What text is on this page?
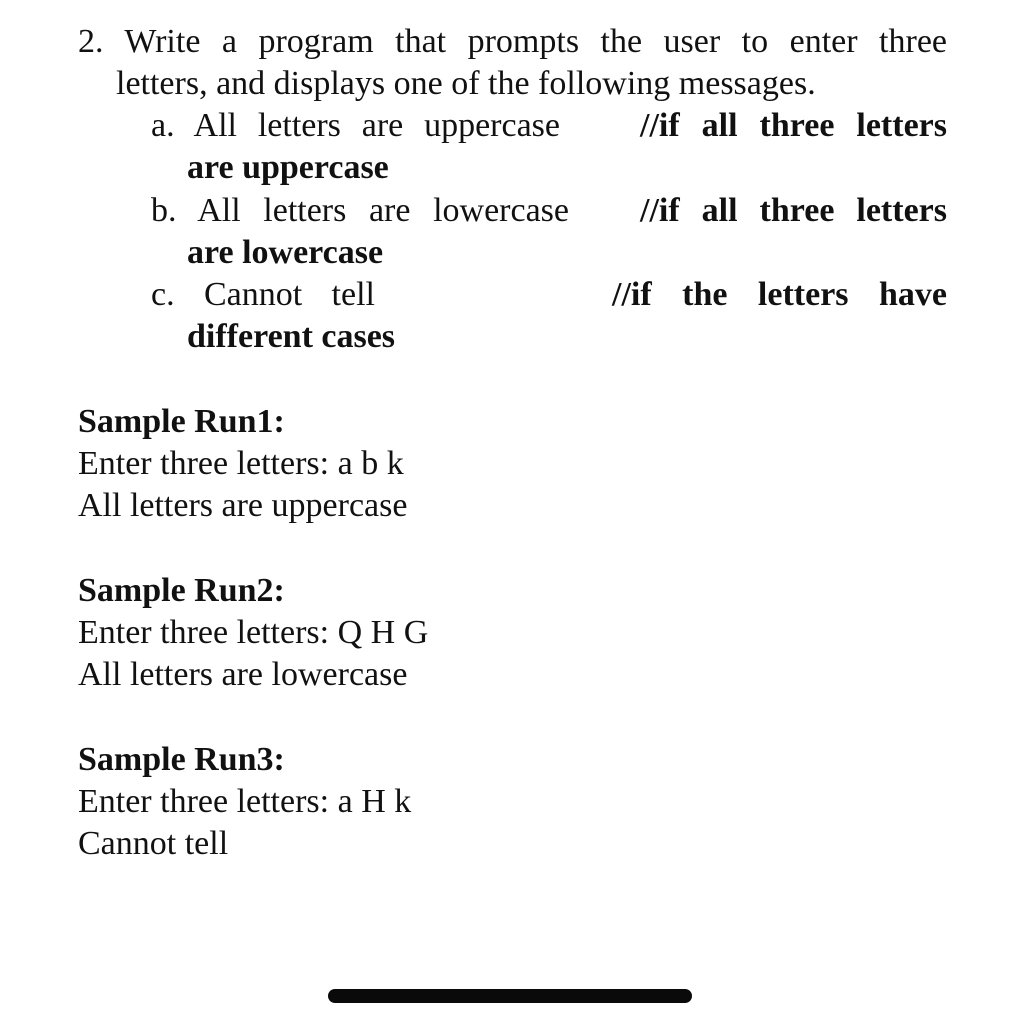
2. Write a program that prompts the user to enter three
letters, and displays one of the following messages.
a. All letters are uppercase //if all three letters
are uppercase
b. All letters are lowercase //if all three letters
are lowercase
c. Cannot tell	//if the letters have
different cases
Sample Run1:
Enter three letters: a b k
All letters are uppercase
Sample Run2:
Enter three letters: Q H G
All letters are lowercase
Sample Run3:
Enter three letters: a H k
Cannot tell
